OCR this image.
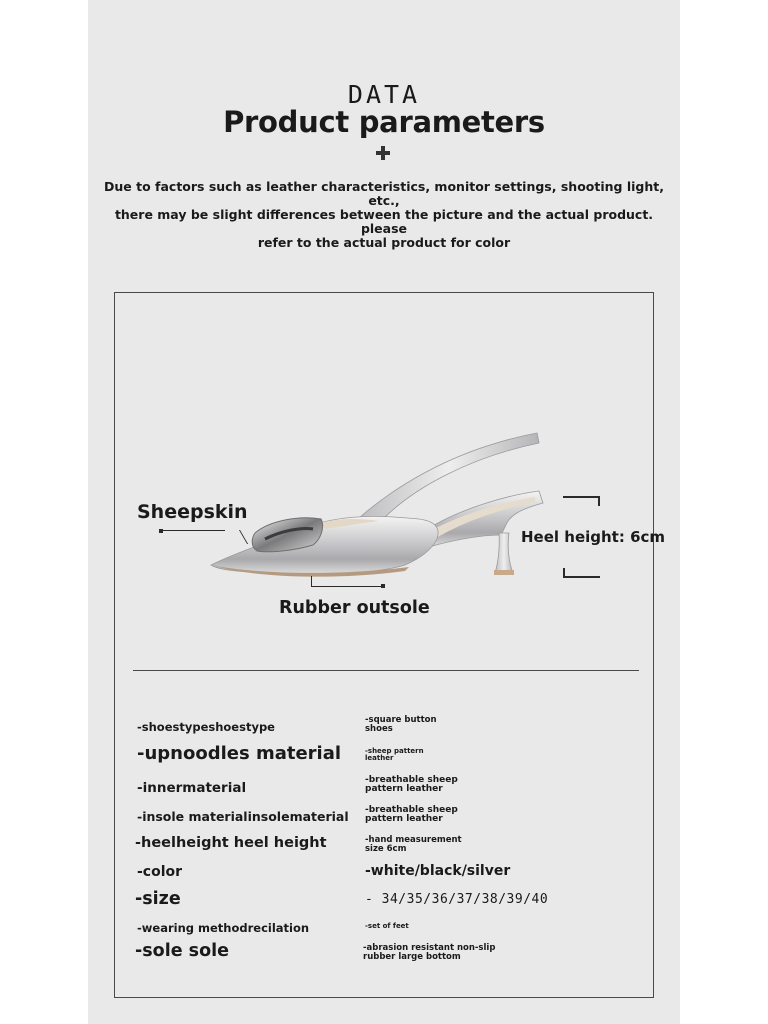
DATA
Product parameters
Due to factors such as leather characteristics, monitor settings, shooting light, etc.,
there may be slight differences between the picture and the actual product. please
refer to the actual product for color
Sheepskin
Rubber outsole
Heel height: 6cm
-shoestypeshoestype	-square button
shoes
-upnoodles material	-sheep pattern
leather
-innermaterial	-breathable sheep
pattern leather
-insole materialinsolematerial -breathable sheep
pattern leather
-heelheight heel height	-hand measurement
size 6cm
-color	-white/black/silver
-size	- 34/35/36/37/38/39/40
-wearing methodrecilation	-set of feet
-sole sole	-abrasion resistant non-slip
rubber large bottom
